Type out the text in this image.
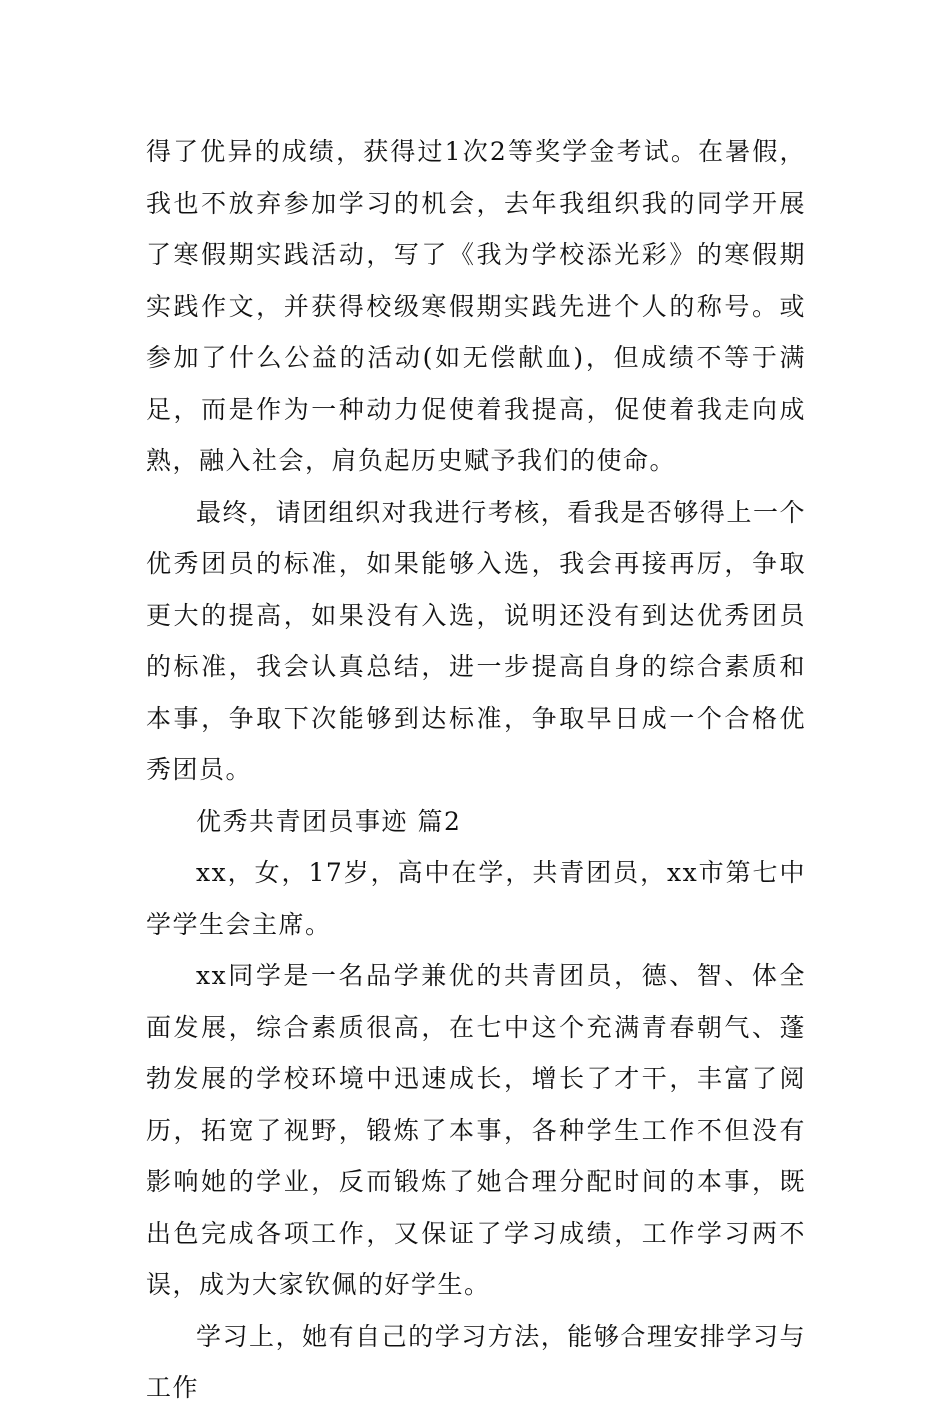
得了优异的成绩，获得过1次2等奖学金考试。在暑假，我也不放弃参加学习的机会，去年我组织我的同学开展了寒假期实践活动，写了《我为学校添光彩》的寒假期实践作文，并获得校级寒假期实践先进个人的称号。或参加了什么公益的活动(如无偿献血)，但成绩不等于满足，而是作为一种动力促使着我提高，促使着我走向成熟，融入社会，肩负起历史赋予我们的使命。

最终，请团组织对我进行考核，看我是否够得上一个优秀团员的标准，如果能够入选，我会再接再厉，争取更大的提高，如果没有入选，说明还没有到达优秀团员的标准，我会认真总结，进一步提高自身的综合素质和本事，争取下次能够到达标准，争取早日成一个合格优秀团员。

优秀共青团员事迹 篇2

xx，女，17岁，高中在学，共青团员，xx市第七中学学生会主席。

xx同学是一名品学兼优的共青团员，德、智、体全面发展，综合素质很高，在七中这个充满青春朝气、蓬勃发展的学校环境中迅速成长，增长了才干，丰富了阅历，拓宽了视野，锻炼了本事，各种学生工作不但没有影响她的学业，反而锻炼了她合理分配时间的本事，既出色完成各项工作，又保证了学习成绩，工作学习两不误，成为大家钦佩的好学生。

学习上，她有自己的学习方法，能够合理安排学习与工作
